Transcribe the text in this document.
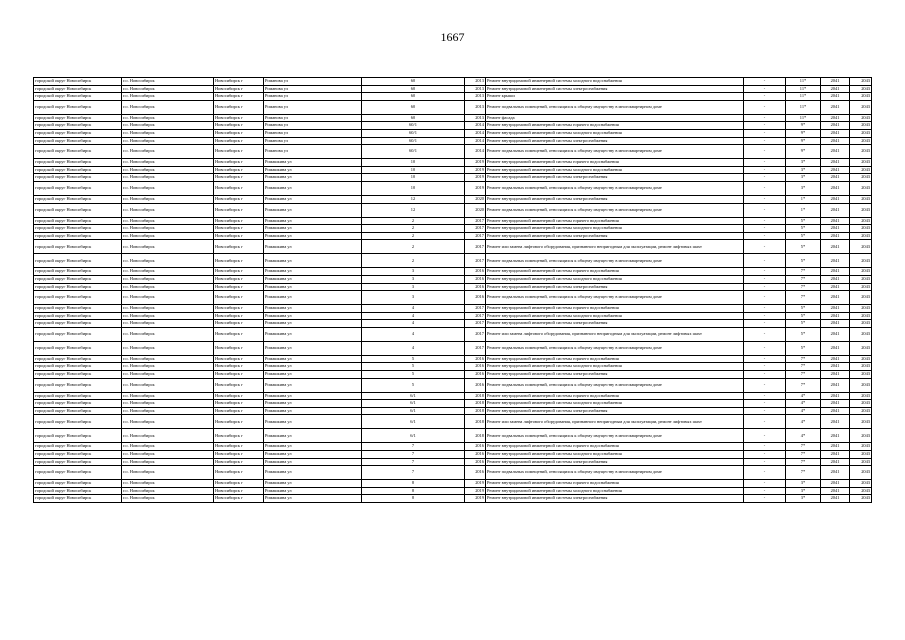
1667
городской округ Новосибирск	г.о. Новосибирск	Новосибирск г	Романова ул	60	2013	Ремонт внутридомовой инженерной системы холодного водоснабжения	-	11*	2041	2043
городской округ Новосибирск	г.о. Новосибирск	Новосибирск г	Романова ул	60	2013	Ремонт внутридомовой инженерной системы электроснабжения	-	11*	2041	2043
городской округ Новосибирск	г.о. Новосибирск	Новосибирск г	Романова ул	60	2013	Ремонт крыши	-	11*	2041	2043
городской округ Новосибирск	г.о. Новосибирск	Новосибирск г	Романова ул	60	2013	Ремонт подвальных помещений, относящихся к общему имуществу в многоквартирном доме	-	11*	2041	2043
городской округ Новосибирск	г.о. Новосибирск	Новосибирск г	Романова ул	60	2013	Ремонт фасада	-	11*	2041	2043
городской округ Новосибирск	г.о. Новосибирск	Новосибирск г	Романова ул	60/1	2014	Ремонт внутридомовой инженерной системы горячего водоснабжения	-	9*	2041	2043
городской округ Новосибирск	г.о. Новосибирск	Новосибирск г	Романова ул	60/1	2014	Ремонт внутридомовой инженерной системы холодного водоснабжения	-	9*	2041	2043
городской округ Новосибирск	г.о. Новосибирск	Новосибирск г	Романова ул	60/1	2014	Ремонт внутридомовой инженерной системы электроснабжения	-	9*	2041	2043
городской округ Новосибирск	г.о. Новосибирск	Новосибирск г	Романова ул	60/1	2014	Ремонт подвальных помещений, относящихся к общему имуществу в многоквартирном доме	-	9*	2041	2043
городской округ Новосибирск	г.о. Новосибирск	Новосибирск г	Ромашкина ул	10	2019	Ремонт внутридомовой инженерной системы горячего водоснабжения	-	3*	2041	2043
городской округ Новосибирск	г.о. Новосибирск	Новосибирск г	Ромашкина ул	10	2019	Ремонт внутридомовой инженерной системы холодного водоснабжения	-	3*	2041	2043
городской округ Новосибирск	г.о. Новосибирск	Новосибирск г	Ромашкина ул	10	2019	Ремонт внутридомовой инженерной системы электроснабжения	-	3*	2041	2043
городской округ Новосибирск	г.о. Новосибирск	Новосибирск г	Ромашкина ул	10	2019	Ремонт подвальных помещений, относящихся к общему имуществу в многоквартирном доме	-	3*	2041	2043
городской округ Новосибирск	г.о. Новосибирск	Новосибирск г	Ромашкина ул	12	2020	Ремонт внутридомовой инженерной системы электроснабжения	-	1*	2041	2043
городской округ Новосибирск	г.о. Новосибирск	Новосибирск г	Ромашкина ул	12	2020	Ремонт подвальных помещений, относящихся к общему имуществу в многоквартирном доме	-	1*	2041	2043
городской округ Новосибирск	г.о. Новосибирск	Новосибирск г	Ромашкина ул	2	2017	Ремонт внутридомовой инженерной системы горячего водоснабжения	-	5*	2041	2043
городской округ Новосибирск	г.о. Новосибирск	Новосибирск г	Ромашкина ул	2	2017	Ремонт внутридомовой инженерной системы холодного водоснабжения	-	5*	2041	2043
городской округ Новосибирск	г.о. Новосибирск	Новосибирск г	Ромашкина ул	2	2017	Ремонт внутридомовой инженерной системы электроснабжения	-	5*	2041	2043
городской округ Новосибирск	г.о. Новосибирск	Новосибирск г	Ромашкина ул	2	2017	Ремонт или замена лифтового оборудования, признанного непригодным для эксплуатации, ремонт лифтовых шахт	-	5*	2041	2043
городской округ Новосибирск	г.о. Новосибирск	Новосибирск г	Ромашкина ул	2	2017	Ремонт подвальных помещений, относящихся к общему имуществу в многоквартирном доме	-	5*	2041	2043
городской округ Новосибирск	г.о. Новосибирск	Новосибирск г	Ромашкина ул	3	2016	Ремонт внутридомовой инженерной системы горячего водоснабжения	-	7*	2041	2043
городской округ Новосибирск	г.о. Новосибирск	Новосибирск г	Ромашкина ул	3	2016	Ремонт внутридомовой инженерной системы холодного водоснабжения	-	7*	2041	2043
городской округ Новосибирск	г.о. Новосибирск	Новосибирск г	Ромашкина ул	3	2016	Ремонт внутридомовой инженерной системы электроснабжения	-	7*	2041	2043
городской округ Новосибирск	г.о. Новосибирск	Новосибирск г	Ромашкина ул	3	2016	Ремонт подвальных помещений, относящихся к общему имуществу в многоквартирном доме	-	7*	2041	2043
городской округ Новосибирск	г.о. Новосибирск	Новосибирск г	Ромашкина ул	4	2017	Ремонт внутридомовой инженерной системы горячего водоснабжения	-	5*	2041	2043
городской округ Новосибирск	г.о. Новосибирск	Новосибирск г	Ромашкина ул	4	2017	Ремонт внутридомовой инженерной системы холодного водоснабжения	-	5*	2041	2043
городской округ Новосибирск	г.о. Новосибирск	Новосибирск г	Ромашкина ул	4	2017	Ремонт внутридомовой инженерной системы электроснабжения	-	5*	2041	2043
городской округ Новосибирск	г.о. Новосибирск	Новосибирск г	Ромашкина ул	4	2017	Ремонт или замена лифтового оборудования, признанного непригодным для эксплуатации, ремонт лифтовых шахт	-	5*	2041	2043
городской округ Новосибирск	г.о. Новосибирск	Новосибирск г	Ромашкина ул	4	2017	Ремонт подвальных помещений, относящихся к общему имуществу в многоквартирном доме	-	5*	2041	2043
городской округ Новосибирск	г.о. Новосибирск	Новосибирск г	Ромашкина ул	5	2016	Ремонт внутридомовой инженерной системы горячего водоснабжения	-	7*	2041	2043
городской округ Новосибирск	г.о. Новосибирск	Новосибирск г	Ромашкина ул	5	2016	Ремонт внутридомовой инженерной системы холодного водоснабжения	-	7*	2041	2043
городской округ Новосибирск	г.о. Новосибирск	Новосибирск г	Ромашкина ул	5	2016	Ремонт внутридомовой инженерной системы электроснабжения	-	7*	2041	2043
городской округ Новосибирск	г.о. Новосибирск	Новосибирск г	Ромашкина ул	5	2016	Ремонт подвальных помещений, относящихся к общему имуществу в многоквартирном доме	-	7*	2041	2043
городской округ Новосибирск	г.о. Новосибирск	Новосибирск г	Ромашкина ул	6/1	2018	Ремонт внутридомовой инженерной системы горячего водоснабжения	-	4*	2041	2043
городской округ Новосибирск	г.о. Новосибирск	Новосибирск г	Ромашкина ул	6/1	2018	Ремонт внутридомовой инженерной системы холодного водоснабжения	-	4*	2041	2043
городской округ Новосибирск	г.о. Новосибирск	Новосибирск г	Ромашкина ул	6/1	2018	Ремонт внутридомовой инженерной системы электроснабжения	-	4*	2041	2043
городской округ Новосибирск	г.о. Новосибирск	Новосибирск г	Ромашкина ул	6/1	2018	Ремонт или замена лифтового оборудования, признанного непригодным для эксплуатации, ремонт лифтовых шахт	-	4*	2041	2043
городской округ Новосибирск	г.о. Новосибирск	Новосибирск г	Ромашкина ул	6/1	2018	Ремонт подвальных помещений, относящихся к общему имуществу в многоквартирном доме	-	4*	2041	2043
городской округ Новосибирск	г.о. Новосибирск	Новосибирск г	Ромашкина ул	7	2016	Ремонт внутридомовой инженерной системы горячего водоснабжения	-	7*	2041	2043
городской округ Новосибирск	г.о. Новосибирск	Новосибирск г	Ромашкина ул	7	2016	Ремонт внутридомовой инженерной системы холодного водоснабжения	-	7*	2041	2043
городской округ Новосибирск	г.о. Новосибирск	Новосибирск г	Ромашкина ул	7	2016	Ремонт внутридомовой инженерной системы электроснабжения	-	7*	2041	2043
городской округ Новосибирск	г.о. Новосибирск	Новосибирск г	Ромашкина ул	7	2016	Ремонт подвальных помещений, относящихся к общему имуществу в многоквартирном доме	-	7*	2041	2043
городской округ Новосибирск	г.о. Новосибирск	Новосибирск г	Ромашкина ул	8	2019	Ремонт внутридомовой инженерной системы горячего водоснабжения	-	3*	2041	2043
городской округ Новосибирск	г.о. Новосибирск	Новосибирск г	Ромашкина ул	8	2019	Ремонт внутридомовой инженерной системы холодного водоснабжения	-	3*	2041	2043
городской округ Новосибирск	г.о. Новосибирск	Новосибирск г	Ромашкина ул	8	2019	Ремонт внутридомовой инженерной системы электроснабжения	-	3*	2041	2043
